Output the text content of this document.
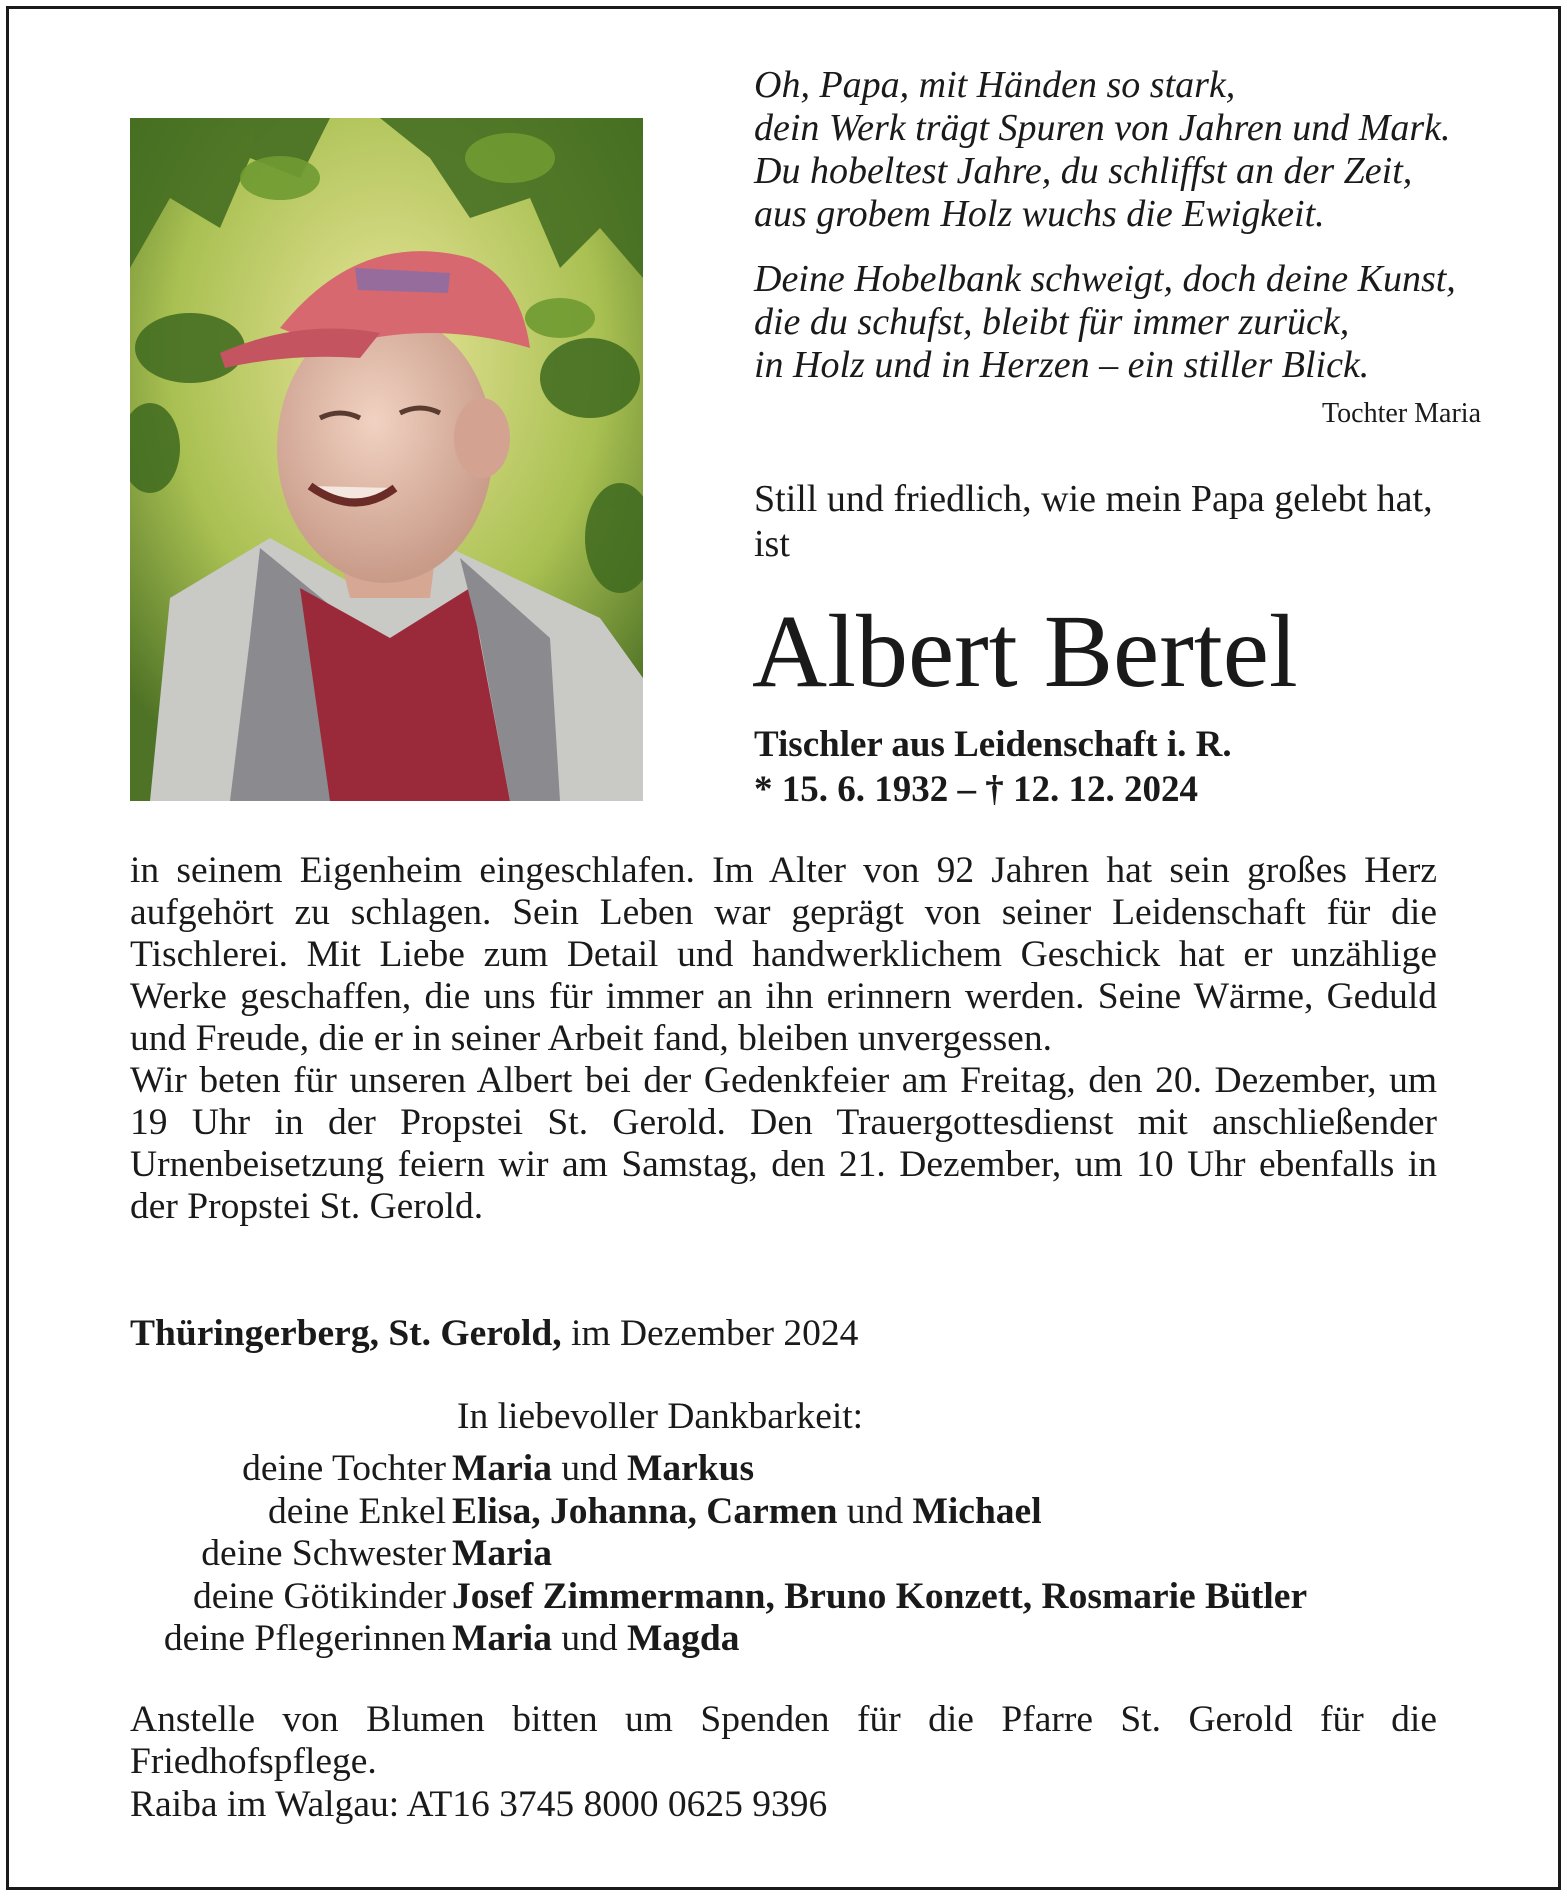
Oh, Papa, mit Händen so stark,
dein Werk trägt Spuren von Jahren und Mark.
Du hobeltest Jahre, du schliffst an der Zeit,
aus grobem Holz wuchs die Ewigkeit.

Deine Hobelbank schweigt, doch deine Kunst,
die du schufst, bleibt für immer zurück,
in Holz und in Herzen – ein stiller Blick.

Tochter Maria
Still und friedlich, wie mein Papa gelebt hat, ist
Albert Bertel
Tischler aus Leidenschaft i. R.
* 15. 6. 1932 – † 12. 12. 2024

in seinem Eigenheim eingeschlafen. Im Alter von 92 Jahren hat sein großes Herz aufgehört zu schlagen. Sein Leben war geprägt von seiner Leidenschaft für die Tischlerei. Mit Liebe zum Detail und handwerklichem Geschick hat er unzählige Werke geschaffen, die uns für immer an ihn erinnern werden. Seine Wärme, Geduld und Freude, die er in seiner Arbeit fand, bleiben unvergessen.

Wir beten für unseren Albert bei der Gedenkfeier am Freitag, den 20. Dezember, um 19 Uhr in der Propstei St. Gerold. Den Trauergottesdienst mit anschließender Urnenbeisetzung feiern wir am Samstag, den 21. Dezember, um 10 Uhr ebenfalls in der Propstei St. Gerold.

Thüringerberg, St. Gerold, im Dezember 2024
In liebevoller Dankbarkeit:
deine Tochter Maria und Markus
deine Enkel Elisa, Johanna, Carmen und Michael
deine Schwester Maria
deine Götikinder Josef Zimmermann, Bruno Konzett, Rosmarie Bütler
deine Pflegerinnen Maria und Magda
Anstelle von Blumen bitten um Spenden für die Pfarre St. Gerold für die Friedhofspflege.
Raiba im Walgau: AT16 3745 8000 0625 9396
